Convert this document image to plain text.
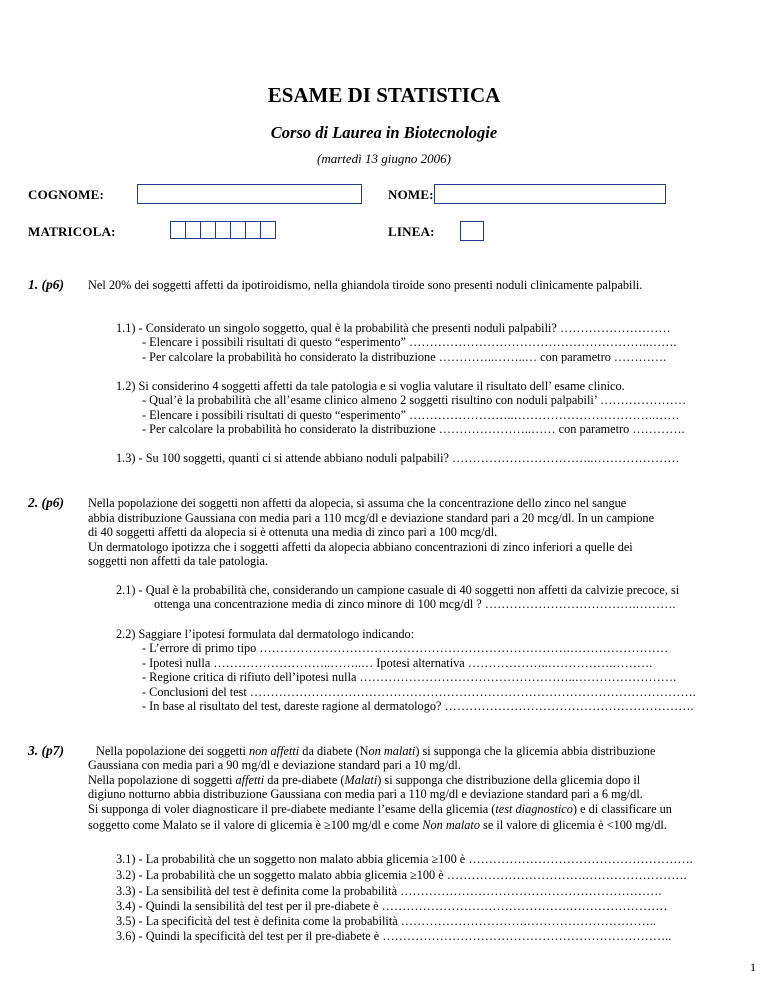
ESAME DI STATISTICA
Corso di Laurea in Biotecnologie
(martedì 13 giugno 2006)
COGNOME:	NOME:
MATRICOLA:	LINEA:
1. (p6) Nel 20% dei soggetti affetti da ipotiroidismo, nella ghiandola tiroide sono presenti noduli clinicamente palpabili.
1.1) - Considerato un singolo soggetto, qual è la probabilità che presenti noduli palpabili? ………………………
- Elencare i possibili risultati di questo “esperimento” …………………………………………………..…….
- Per calcolare la probabilità ho considerato la distribuzione …………..……..… con parametro ………….
1.2) Si considerino 4 soggetti affetti da tale patologia e si voglia valutare il risultato dell’ esame clinico.
- Qual’è la probabilità che all’esame clinico almeno 2 soggetti risultino con noduli palpabili’ …………………
- Elencare i possibili risultati di questo “esperimento” ……………………..……………………………..……
- Per calcolare la probabilità ho considerato la distribuzione …………………..…… con parametro ………….
1.3) - Su 100 soggetti, quanti ci si attende abbiano noduli palpabili? ……………………………..…………………
2. (p6) Nella popolazione dei soggetti non affetti da alopecia, si assuma che la concentrazione dello zinco nel sangue
abbia distribuzione Gaussiana con media pari a 110 mcg/dl e deviazione standard pari a 20 mcg/dl. In un campione
di 40 soggetti affetti da alopecia si è ottenuta una media di zinco pari a 100 mcg/dl.
Un dermatologo ipotizza che i soggetti affetti da alopecia abbiano concentrazioni di zinco inferiori a quelle dei
soggetti non affetti da tale patologia.
2.1) - Qual è la probabilità che, considerando un campione casuale di 40 soggetti non affetti da calvizie precoce, si
ottenga una concentrazione media di zinco minore di 100 mcg/dl ? ……………………………….……….
2.2) Saggiare l’ipotesi formulata dal dermatologo indicando:
- L’errore di primo tipo ………………………………………………………………….……………………
- Ipotesi nulla ………………………..……..… Ipotesi alternativa ………………..…………….……….
- Regione critica di rifiuto dell’ipotesi nulla ……………………………………………..…………………….
- Conclusioni del test ……………………………………………………………………………………………….
- In base al risultato del test, dareste ragione al dermatologo? …………………………………………………….
3. (p7)	Nella popolazione dei soggetti non affetti da diabete (Non malati) si supponga che la glicemia abbia distribuzione
Gaussiana con media pari a 90 mg/dl e deviazione standard pari a 10 mg/dl.
Nella popolazione di soggetti affetti da pre-diabete (Malati) si supponga che distribuzione della glicemia dopo il
digiuno notturno abbia distribuzione Gaussiana con media pari a 110 mg/dl e deviazione standard pari a 6 mg/dl.
Si supponga di voler diagnosticare il pre-diabete mediante l’esame della glicemia (test diagnostico) e di classificare un
soggetto come Malato se il valore di glicemia è ≥100 mg/dl e come Non malato se il valore di glicemia è <100 mg/dl.
3.1) - La probabilità che un soggetto non malato abbia glicemia ≥100 è ……………………………………………….
3.2) - La probabilità che un soggetto malato abbia glicemia ≥100 è …………………………….…………………….
3.3) - La sensibilità del test è definita come la probabilità ……………………………………………………….
3.4) - Quindi la sensibilità del test per il pre-diabete è ……………………………………….……………………
3.5) - La specificità del test è definita come la probabilità ………………………….…………………………..
3.6) - Quindi la specificità del test per il pre-diabete è ……………………………………………………………..
1
